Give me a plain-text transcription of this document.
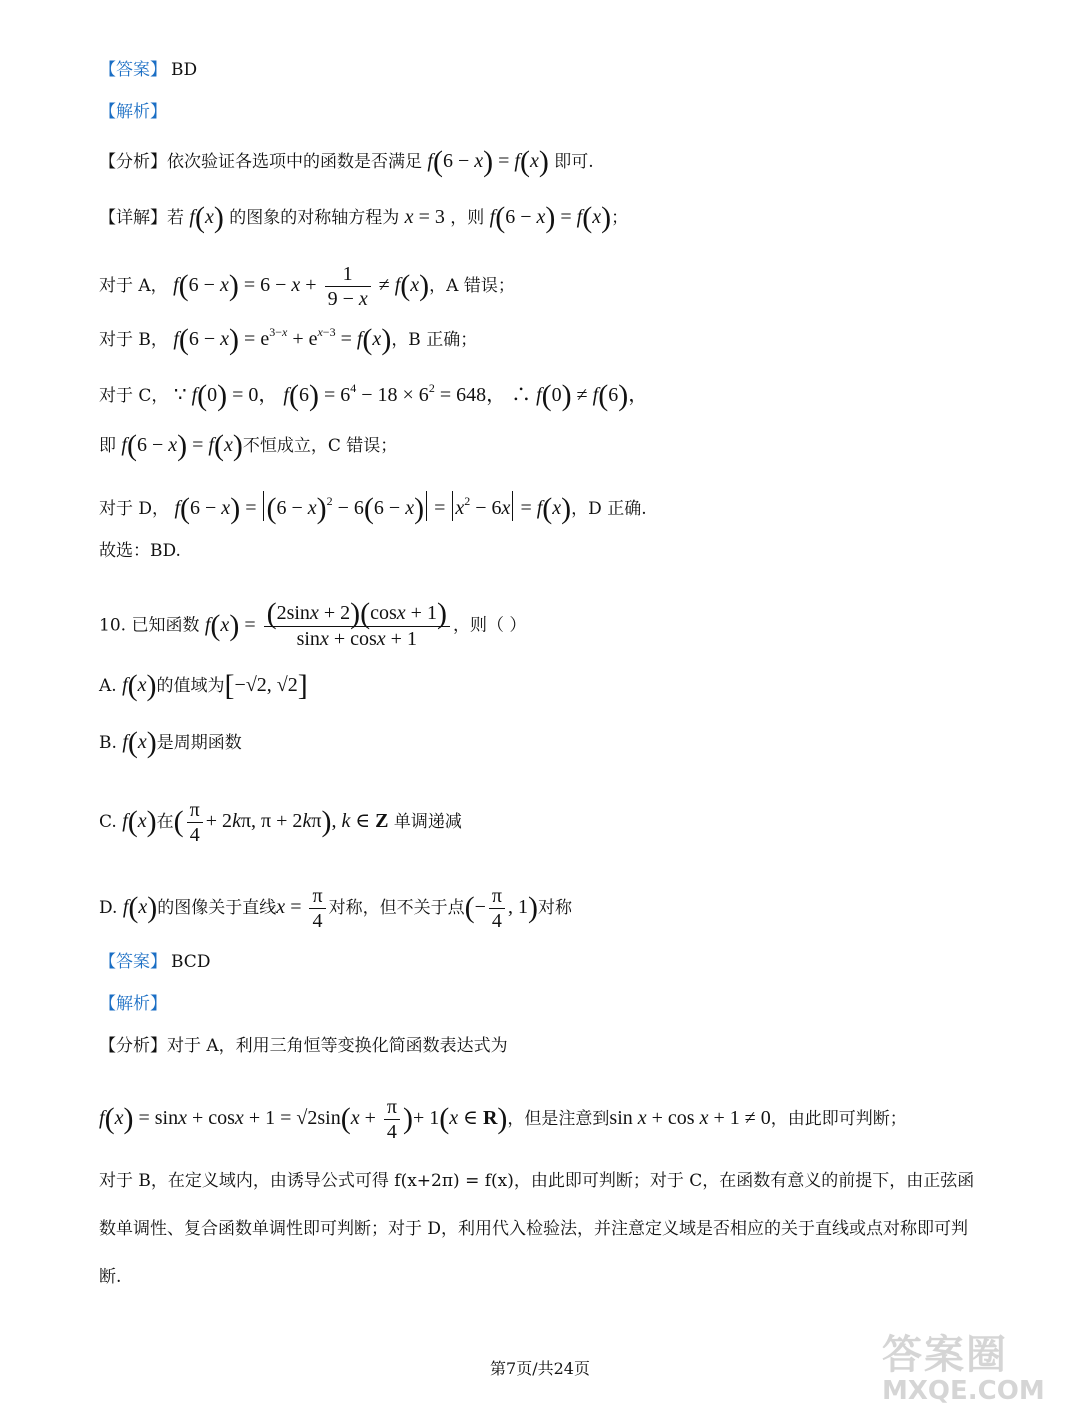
【答案】 BD
【解析】
【分析】依次验证各选项中的函数是否满足 f(6 − x) = f(x) 即可.
【详解】若 f(x) 的图象的对称轴方程为 x = 3 ，则 f(6 − x) = f(x)；
对于 A， $f(6 - x) = 6 - x + \frac{1}{9 - x} \ne f(x)$，A 错误；
对于 B， $f(6 - x) = e^{3-x} + e^{x-3} = f(x)$，B 正确；
对于 C， ∵ f(0) = 0， $f(6) = 6^4 - 18 \times 6^2 = 648$， ∴ f(0) ≠ f(6)，
即 f(6 − x) = f(x)不恒成立，C 错误；
对于 D， $f(6 - x) = (6 - x)^2 - 6(6 - x) = x^2 - 6x = f(x)$，D 正确.
故选：BD.
10. 已知函数 $f(x) = \frac{(2\sin x + 2)(\cos x + 1)}{\sin x + \cos x + 1}$ ，则（ ）
A. f(x)的值域为[−√2, √2]
B. f(x)是周期函数
C. f(x)在( $\frac{\pi}{4} + 2k\pi$, π + 2kπ), k ∈ Z 单调递减
D. f(x)的图像关于直线$x = \frac{\pi}{4}$ 对称，但不关于点(− $\frac{\pi}{4}$ , 1)对称
【答案】 BCD
【解析】
【分析】对于 A，利用三角恒等变换化简函数表达式为
$f(x) = \sin x + \cos x + 1 = √2\sin(x + \frac{\pi}{4}$ )+ 1(x ∈ R)，但是注意到sin x + cos x + 1 ≠ 0，由此即可判断；
对于 B，在定义域内，由诱导公式可得 f(x+2π) = f(x)，由此即可判断；对于 C，在函数有意义的前提下，由正弦函数单调性、复合函数单调性即可判断；对于 D，利用代入检验法，并注意定义域是否相应的关于直线或点对称即可判断.
第7页/共24页	答案圈
MXQE.COM
